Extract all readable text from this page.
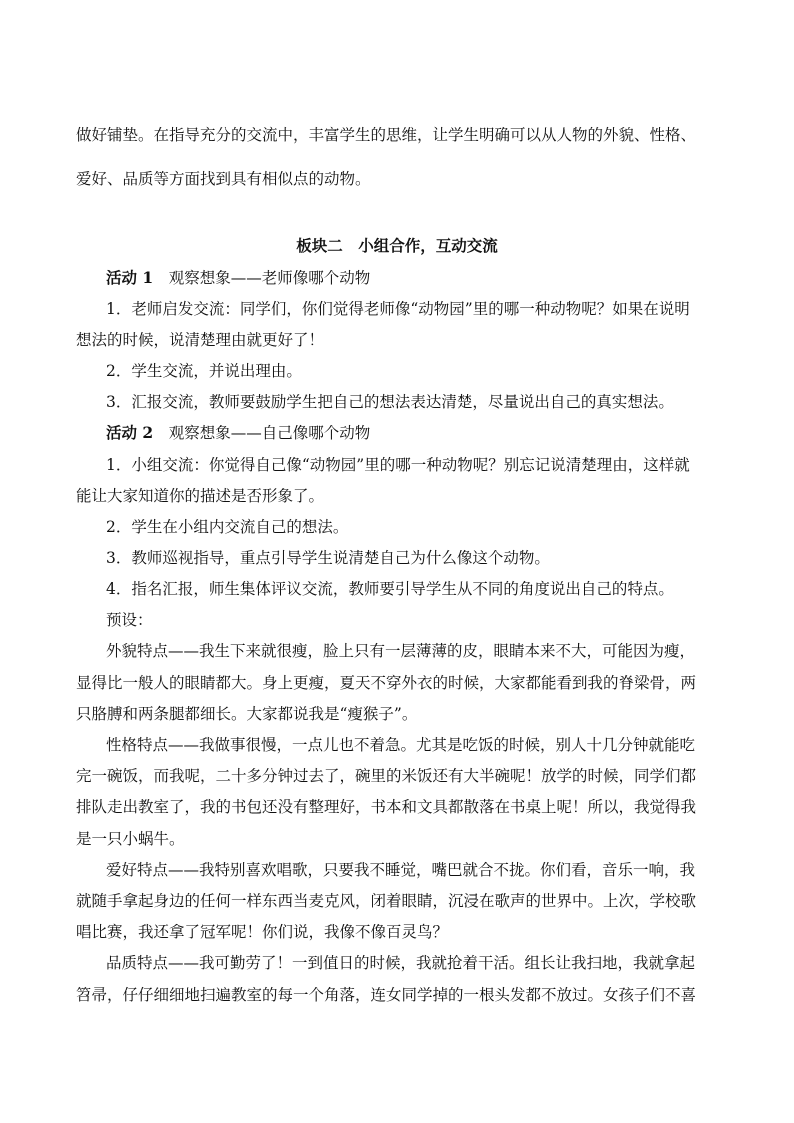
做好铺垫。在指导充分的交流中，丰富学生的思维，让学生明确可以从人物的外貌、性格、

爱好、品质等方面找到具有相似点的动物。

板块二　小组合作，互动交流

活动 1　 观察想象——老师像哪个动物

1．老师启发交流：同学们，你们觉得老师像“动物园”里的哪一种动物呢？如果在说明

想法的时候，说清楚理由就更好了！

2．学生交流，并说出理由。

3．汇报交流，教师要鼓励学生把自己的想法表达清楚，尽量说出自己的真实想法。

活动 2　 观察想象——自己像哪个动物

1．小组交流：你觉得自己像“动物园”里的哪一种动物呢？别忘记说清楚理由，这样就

能让大家知道你的描述是否形象了。

2．学生在小组内交流自己的想法。

3．教师巡视指导，重点引导学生说清楚自己为什么像这个动物。

4．指名汇报，师生集体评议交流，教师要引导学生从不同的角度说出自己的特点。

预设：

外貌特点——我生下来就很瘦，脸上只有一层薄薄的皮，眼睛本来不大，可能因为瘦，

显得比一般人的眼睛都大。身上更瘦，夏天不穿外衣的时候，大家都能看到我的脊梁骨，两

只胳膊和两条腿都细长。大家都说我是“瘦猴子”。

性格特点——我做事很慢，一点儿也不着急。尤其是吃饭的时候，别人十几分钟就能吃

完一碗饭，而我呢，二十多分钟过去了，碗里的米饭还有大半碗呢！放学的时候，同学们都

排队走出教室了，我的书包还没有整理好，书本和文具都散落在书桌上呢！所以，我觉得我

是一只小蜗牛。

爱好特点——我特别喜欢唱歌，只要我不睡觉，嘴巴就合不拢。你们看，音乐一响，我

就随手拿起身边的任何一样东西当麦克风，闭着眼睛，沉浸在歌声的世界中。上次，学校歌

唱比赛，我还拿了冠军呢！你们说，我像不像百灵鸟？

品质特点——我可勤劳了！一到值日的时候，我就抢着干活。组长让我扫地，我就拿起

笤帚，仔仔细细地扫遍教室的每一个角落，连女同学掉的一根头发都不放过。女孩子们不喜
